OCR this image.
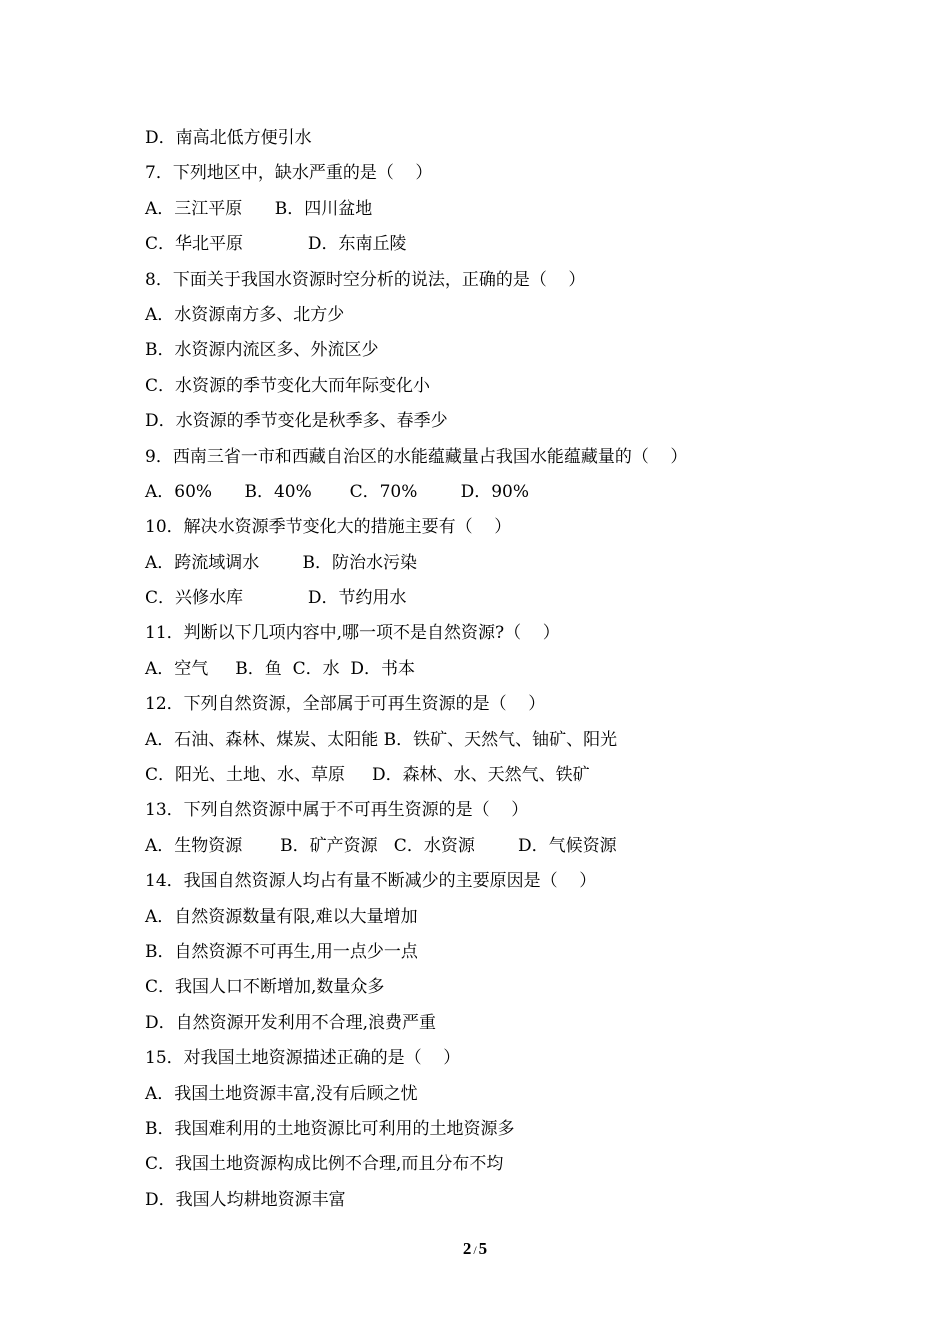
D．南高北低方便引水
7．下列地区中，缺水严重的是（    ）
A．三江平原      B．四川盆地
C．华北平原            D．东南丘陵
8．下面关于我国水资源时空分析的说法，正确的是（    ）
A．水资源南方多、北方少
B．水资源内流区多、外流区少
C．水资源的季节变化大而年际变化小
D．水资源的季节变化是秋季多、春季少
9．西南三省一市和西藏自治区的水能蕴藏量占我国水能蕴藏量的（    ）
A．60%      B．40%       C．70%        D．90%
10．解决水资源季节变化大的措施主要有（    ）
A．跨流域调水        B．防治水污染
C．兴修水库            D．节约用水
11．判断以下几项内容中,哪一项不是自然资源?（    ）
A．空气     B．鱼  C．水  D．书本
12．下列自然资源，全部属于可再生资源的是（    ）
A．石油、森林、煤炭、太阳能 B．铁矿、天然气、铀矿、阳光
C．阳光、土地、水、草原     D．森林、水、天然气、铁矿
13．下列自然资源中属于不可再生资源的是（    ）
A．生物资源       B．矿产资源   C．水资源        D．气候资源
14．我国自然资源人均占有量不断减少的主要原因是（    ）
A．自然资源数量有限,难以大量增加
B．自然资源不可再生,用一点少一点
C．我国人口不断增加,数量众多
D．自然资源开发利用不合理,浪费严重
15．对我国土地资源描述正确的是（    ）
A．我国土地资源丰富,没有后顾之忧
B．我国难利用的土地资源比可利用的土地资源多
C．我国土地资源构成比例不合理,而且分布不均
D．我国人均耕地资源丰富
2 / 5
